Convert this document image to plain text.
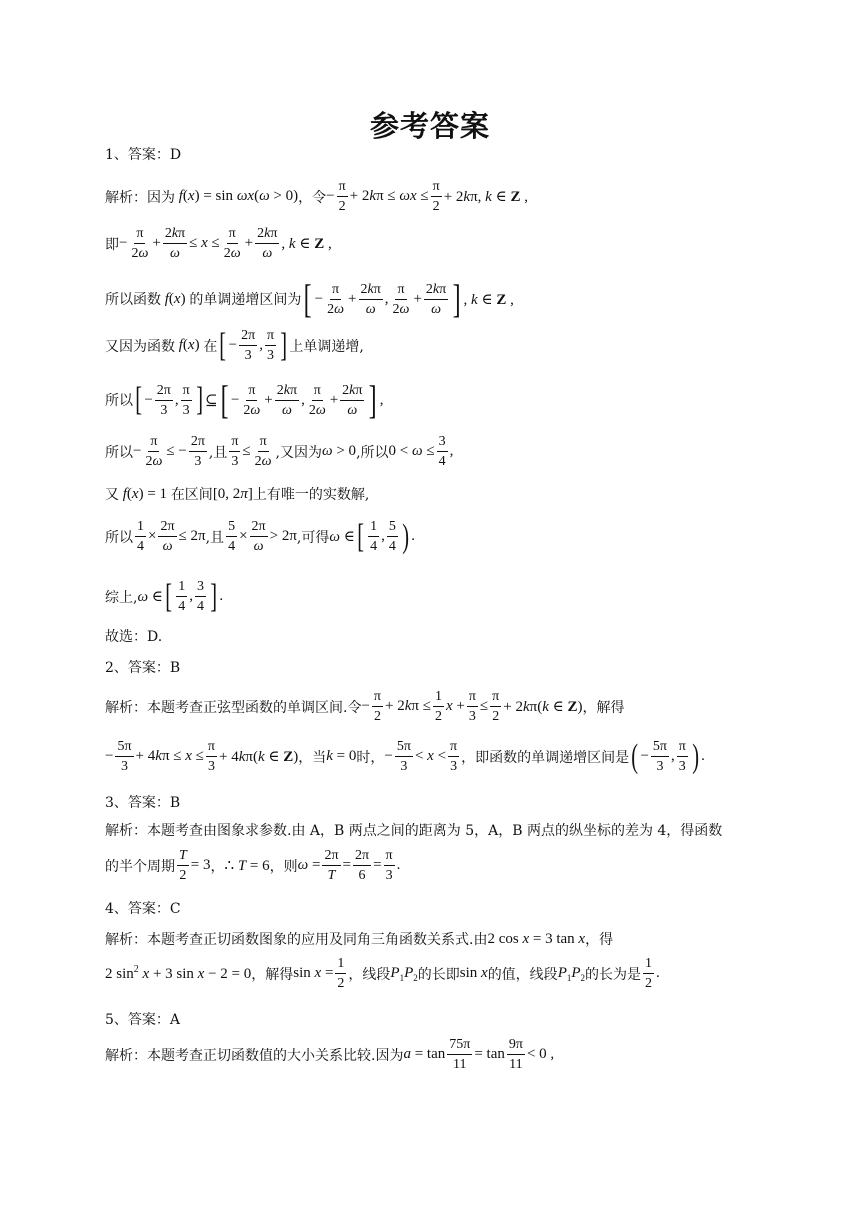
参考答案
1、答案：D
解析：因为 f(x) = sin ωx(ω > 0) ，令 − $\frac{\pi}{2} + 2k\pi \le \omega x \le \frac{\pi}{2} + 2k\pi$, k ∈ Z ,
即 − $\frac{\pi}{2\omega} + \frac{2k\pi}{\omega} \le x \le \frac{\pi}{2\omega} + \frac{2k\pi}{\omega}$ , k ∈ Z ,
所以函数 f(x) 的单调递增区间为 [ − $\frac{\pi}{2\omega} + \frac{2k\pi}{\omega}$ , $\frac{\pi}{2\omega} + \frac{2k\pi}{\omega}$ ] , k ∈ Z ,
又因为函数 f(x) 在 [ − $\frac{2\pi}{3}$ , $\frac{\pi}{3}$ ] 上单调递增,
所以 [ − $\frac{2\pi}{3}$ , $\frac{\pi}{3}$ ] ⊆ [ − $\frac{\pi}{2\omega} + \frac{2k\pi}{\omega}$ , $\frac{\pi}{2\omega} + \frac{2k\pi}{\omega}$ ] ,
所以 − $\frac{\pi}{2\omega}$ ≤ − $\frac{2\pi}{3}$ ,且 $\frac{\pi}{3} \le \frac{\pi}{2\omega}$ ,又因为 ω > 0 ,所以 $0 < \omega \le \frac{3}{4}$ ,
又 f(x) = 1 在区间 [0, 2π] 上有唯一的实数解,
所以 $\frac{1}{4} \times \frac{2\pi}{\omega} \le 2\pi$ ,且 $\frac{5}{4} \times \frac{2\pi}{\omega} > 2\pi$ ,可得 ω ∈ [ $\frac{1}{4}$ , $\frac{5}{4}$ ) .
综上, ω ∈ [ $\frac{1}{4}$ , $\frac{3}{4}$ ] .
故选：D.
2、答案：B
解析：本题考查正弦型函数的单调区间.令 − $\frac{\pi}{2} + 2k\pi \le \frac{1}{2}$ $x + \frac{\pi}{3} \le \frac{\pi}{2} + 2k\pi(k$ ∈ Z) ，解得
− $\frac{5\pi}{3} + 4k\pi \le x \le \frac{\pi}{3} + 4k\pi(k$ ∈ Z) ，当 k = 0 时， − $\frac{5\pi}{3} < x < \frac{\pi}{3}$ ，即函数的单调递增区间是 ( − $\frac{5\pi}{3}$ , $\frac{\pi}{3}$ ) .
3、答案：B
解析：本题考查由图象求参数.由 A，B 两点之间的距离为 5，A，B 两点的纵坐标的差为 4，得函数
的半个周期 $\frac{T}{2} = 3$ ， ∴ T = 6 ，则 $\omega = \frac{2\pi}{T} = \frac{2\pi}{6} = \frac{\pi}{3}$ .
4、答案：C
解析：本题考查正切函数图象的应用及同角三角函数关系式.由 2 cos x = 3 tan x ，得
2 $\sin^2 x + 3$ sin x − 2 = 0 ，解得 $\sin x = \frac{1}{2}$ ，线段 $P_1P_2$ 的长即 sin x 的值，线段 $P_1P_2$ 的长为是 $\frac{1}{2}$ .
5、答案：A
解析：本题考查正切函数值的大小关系比较.因为 $a = \tan \frac{75\pi}{11} = \tan \frac{9\pi}{11} < 0$ ,
